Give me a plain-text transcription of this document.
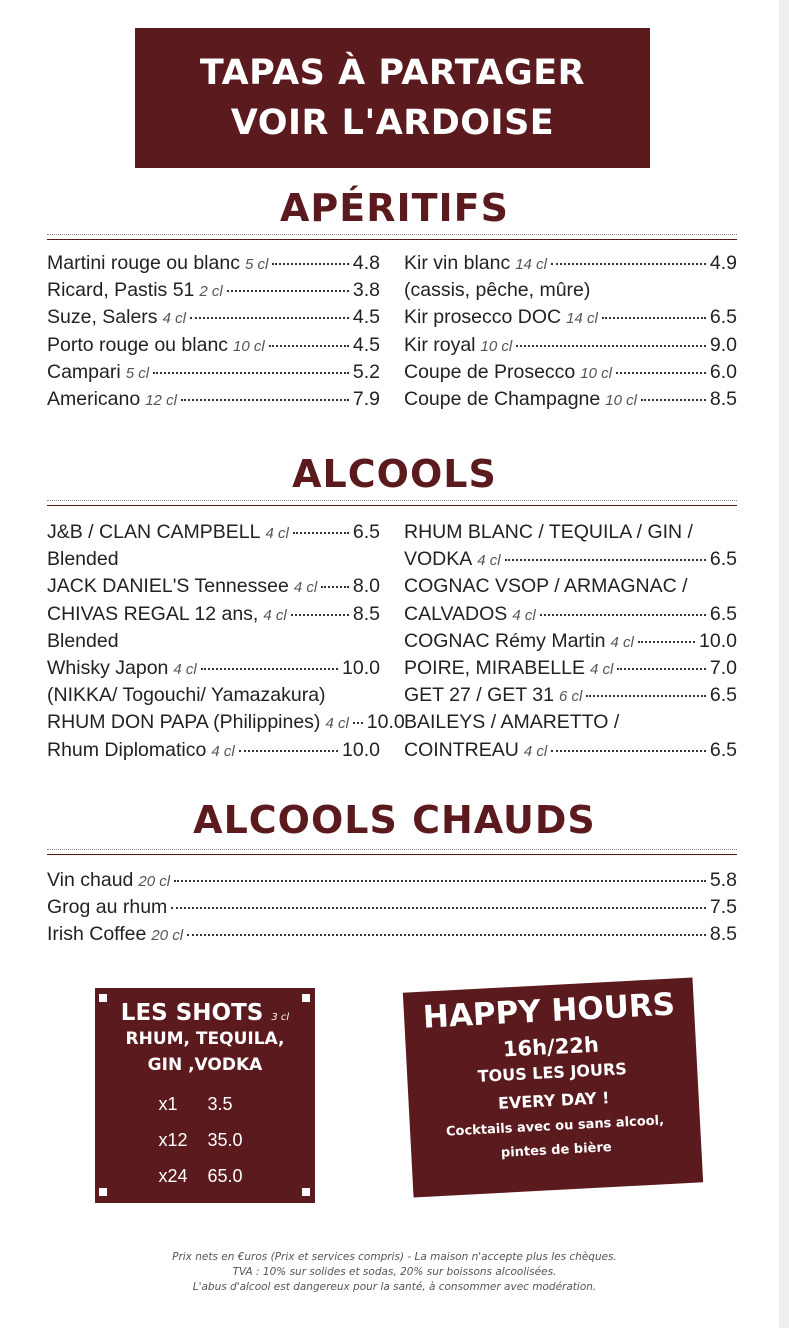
TAPAS À PARTAGER
VOIR L'ARDOISE
APÉRITIFS
Martini rouge ou blanc 5 cl	4.8
Ricard, Pastis 51 2 cl	3.8
Suze, Salers 4 cl	4.5
Porto rouge ou blanc 10 cl	4.5
Campari 5 cl	5.2
Americano 12 cl	7.9
Kir vin blanc 14 cl	4.9
(cassis, pêche, mûre)
Kir prosecco DOC 14 cl	6.5
Kir royal 10 cl	9.0
Coupe de Prosecco 10 cl	6.0
Coupe de Champagne 10 cl	8.5
ALCOOLS
J&B / CLAN CAMPBELL 4 cl	6.5
Blended
JACK DANIEL'S Tennessee 4 cl 8.0
CHIVAS REGAL 12 ans, 4 cl	8.5
Blended
Whisky Japon 4 cl	10.0
(NIKKA/ Togouchi/ Yamazakura)
RHUM DON PAPA (Philippines) 4 cl 10.0
Rhum Diplomatico 4 cl	10.0
RHUM BLANC / TEQUILA / GIN /
VODKA 4 cl	6.5
COGNAC VSOP / ARMAGNAC /
CALVADOS 4 cl	6.5
COGNAC Rémy Martin 4 cl	10.0
POIRE, MIRABELLE 4 cl	7.0
GET 27 / GET 31 6 cl	6.5
BAILEYS / AMARETTO /
COINTREAU 4 cl	6.5
ALCOOLS CHAUDS
Vin chaud 20 cl	5.8
Grog au rhum	7.5
Irish Coffee 20 cl	8.5
LES SHOTS 3 cl
RHUM, TEQUILA,
GIN ,VODKA
x1 3.5
x12 35.0
x24 65.0
HAPPY HOURS
16h/22h
TOUS LES JOURS
EVERY DAY !
Cocktails avec ou sans alcool,
pintes de bière
Prix nets en €uros (Prix et services compris) - La maison n'accepte plus les chèques.
TVA : 10% sur solides et sodas, 20% sur boissons alcoolisées.
L'abus d'alcool est dangereux pour la santé, à consommer avec modération.
